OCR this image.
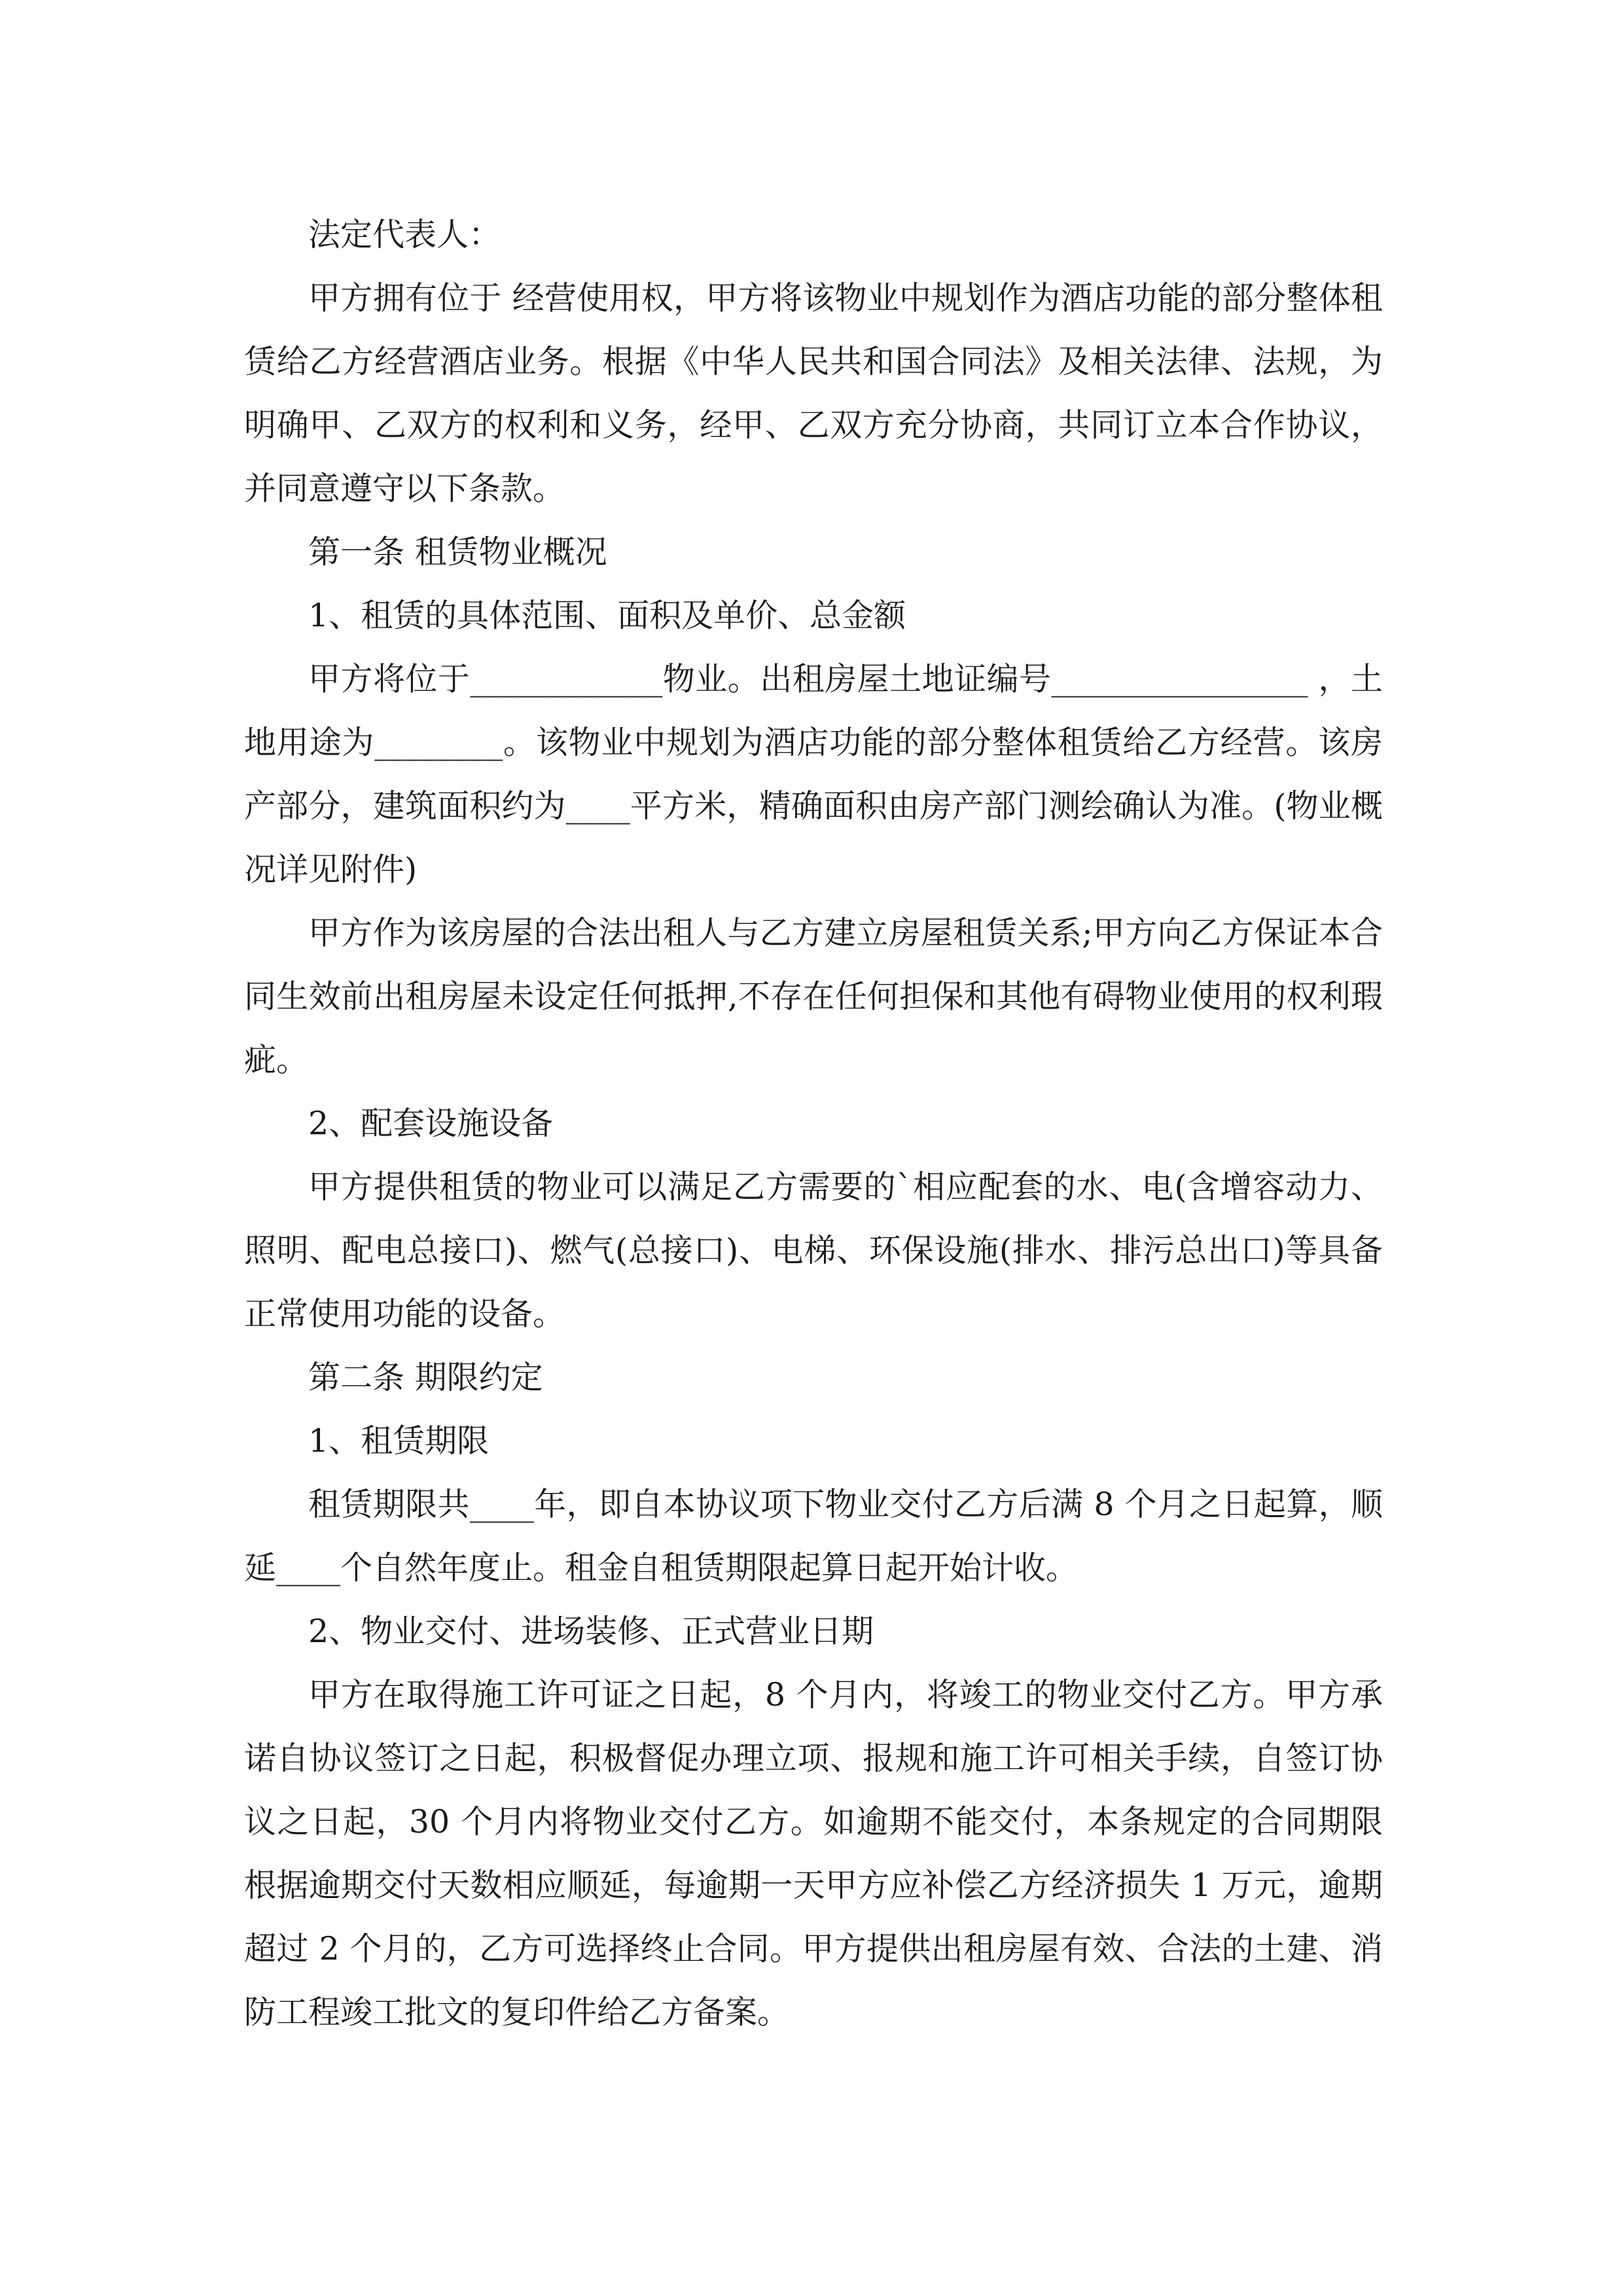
法定代表人：

甲方拥有位于 经营使用权，甲方将该物业中规划作为酒店功能的部分整体租赁给乙方经营酒店业务。根据《中华人民共和国合同法》及相关法律、法规，为明确甲、乙双方的权利和义务，经甲、乙双方充分协商，共同订立本合作协议，并同意遵守以下条款。

第一条 租赁物业概况

1、租赁的具体范围、面积及单价、总金额

甲方将位于____________物业。出租房屋土地证编号________________ ，土地用途为________。该物业中规划为酒店功能的部分整体租赁给乙方经营。该房产部分，建筑面积约为____平方米，精确面积由房产部门测绘确认为准。(物业概况详见附件)

甲方作为该房屋的合法出租人与乙方建立房屋租赁关系;甲方向乙方保证本合同生效前出租房屋未设定任何抵押,不存在任何担保和其他有碍物业使用的权利瑕疵。

2、配套设施设备

甲方提供租赁的物业可以满足乙方需要的`相应配套的水、电(含增容动力、照明、配电总接口)、燃气(总接口)、电梯、环保设施(排水、排污总出口)等具备正常使用功能的设备。

第二条 期限约定

1、租赁期限

租赁期限共____年，即自本协议项下物业交付乙方后满 8 个月之日起算，顺延____个自然年度止。租金自租赁期限起算日起开始计收。

2、物业交付、进场装修、正式营业日期

甲方在取得施工许可证之日起，8 个月内，将竣工的物业交付乙方。甲方承诺自协议签订之日起，积极督促办理立项、报规和施工许可相关手续，自签订协议之日起，30 个月内将物业交付乙方。如逾期不能交付，本条规定的合同期限根据逾期交付天数相应顺延，每逾期一天甲方应补偿乙方经济损失 1 万元，逾期超过 2 个月的，乙方可选择终止合同。甲方提供出租房屋有效、合法的土建、消防工程竣工批文的复印件给乙方备案。
